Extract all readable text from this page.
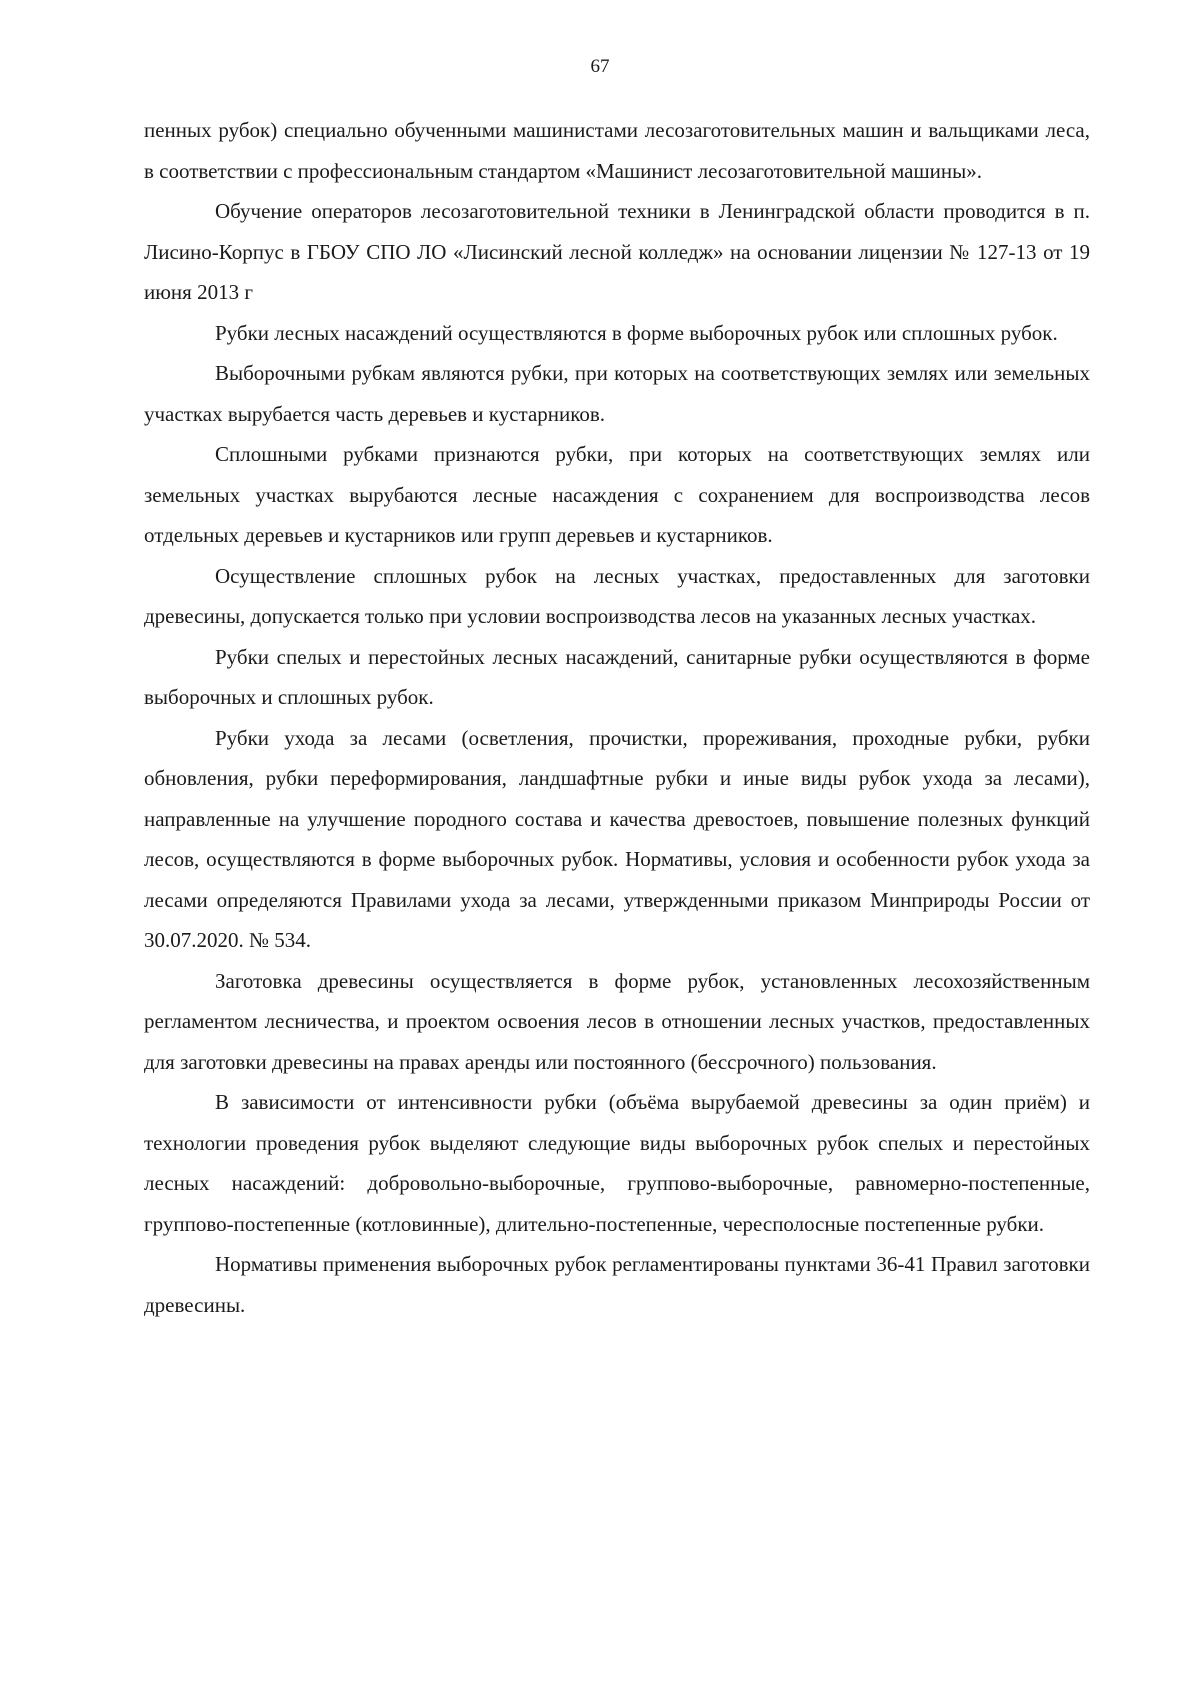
67

пенных рубок) специально обученными машинистами лесозаготовительных машин и вальщиками леса, в соответствии с профессиональным стандартом «Машинист лесозаготовительной машины».

Обучение операторов лесозаготовительной техники в Ленинградской области проводится в п. Лисино-Корпус в ГБОУ СПО ЛО «Лисинский лесной колледж» на основании лицензии № 127-13 от 19 июня 2013 г

Рубки лесных насаждений осуществляются в форме выборочных рубок или сплошных рубок.

Выборочными рубкам являются рубки, при которых на соответствующих землях или земельных участках вырубается часть деревьев и кустарников.

Сплошными рубками признаются рубки, при которых на соответствующих землях или земельных участках вырубаются лесные насаждения с сохранением для воспроизводства лесов отдельных деревьев и кустарников или групп деревьев и кустарников.

Осуществление сплошных рубок на лесных участках, предоставленных для заготовки древесины, допускается только при условии воспроизводства лесов на указанных лесных участках.

Рубки спелых и перестойных лесных насаждений, санитарные рубки осуществляются в форме выборочных и сплошных рубок.

Рубки ухода за лесами (осветления, прочистки, прореживания, проходные рубки, рубки обновления, рубки переформирования, ландшафтные рубки и иные виды рубок ухода за лесами), направленные на улучшение породного состава и качества древостоев, повышение полезных функций лесов, осуществляются в форме выборочных рубок. Нормативы, условия и особенности рубок ухода за лесами определяются Правилами ухода за лесами, утвержденными приказом Минприроды России от 30.07.2020. № 534.

Заготовка древесины осуществляется в форме рубок, установленных лесохозяйственным регламентом лесничества, и проектом освоения лесов в отношении лесных участков, предоставленных для заготовки древесины на правах аренды или постоянного (бессрочного) пользования.

В зависимости от интенсивности рубки (объёма вырубаемой древесины за один приём) и технологии проведения рубок выделяют следующие виды выборочных рубок спелых и перестойных лесных насаждений: добровольно-выборочные, группово-выборочные, равномерно-постепенные, группово-постепенные (котловинные), длительно-постепенные, чересполосные постепенные рубки.

Нормативы применения выборочных рубок регламентированы пунктами 36-41 Правил заготовки древесины.
